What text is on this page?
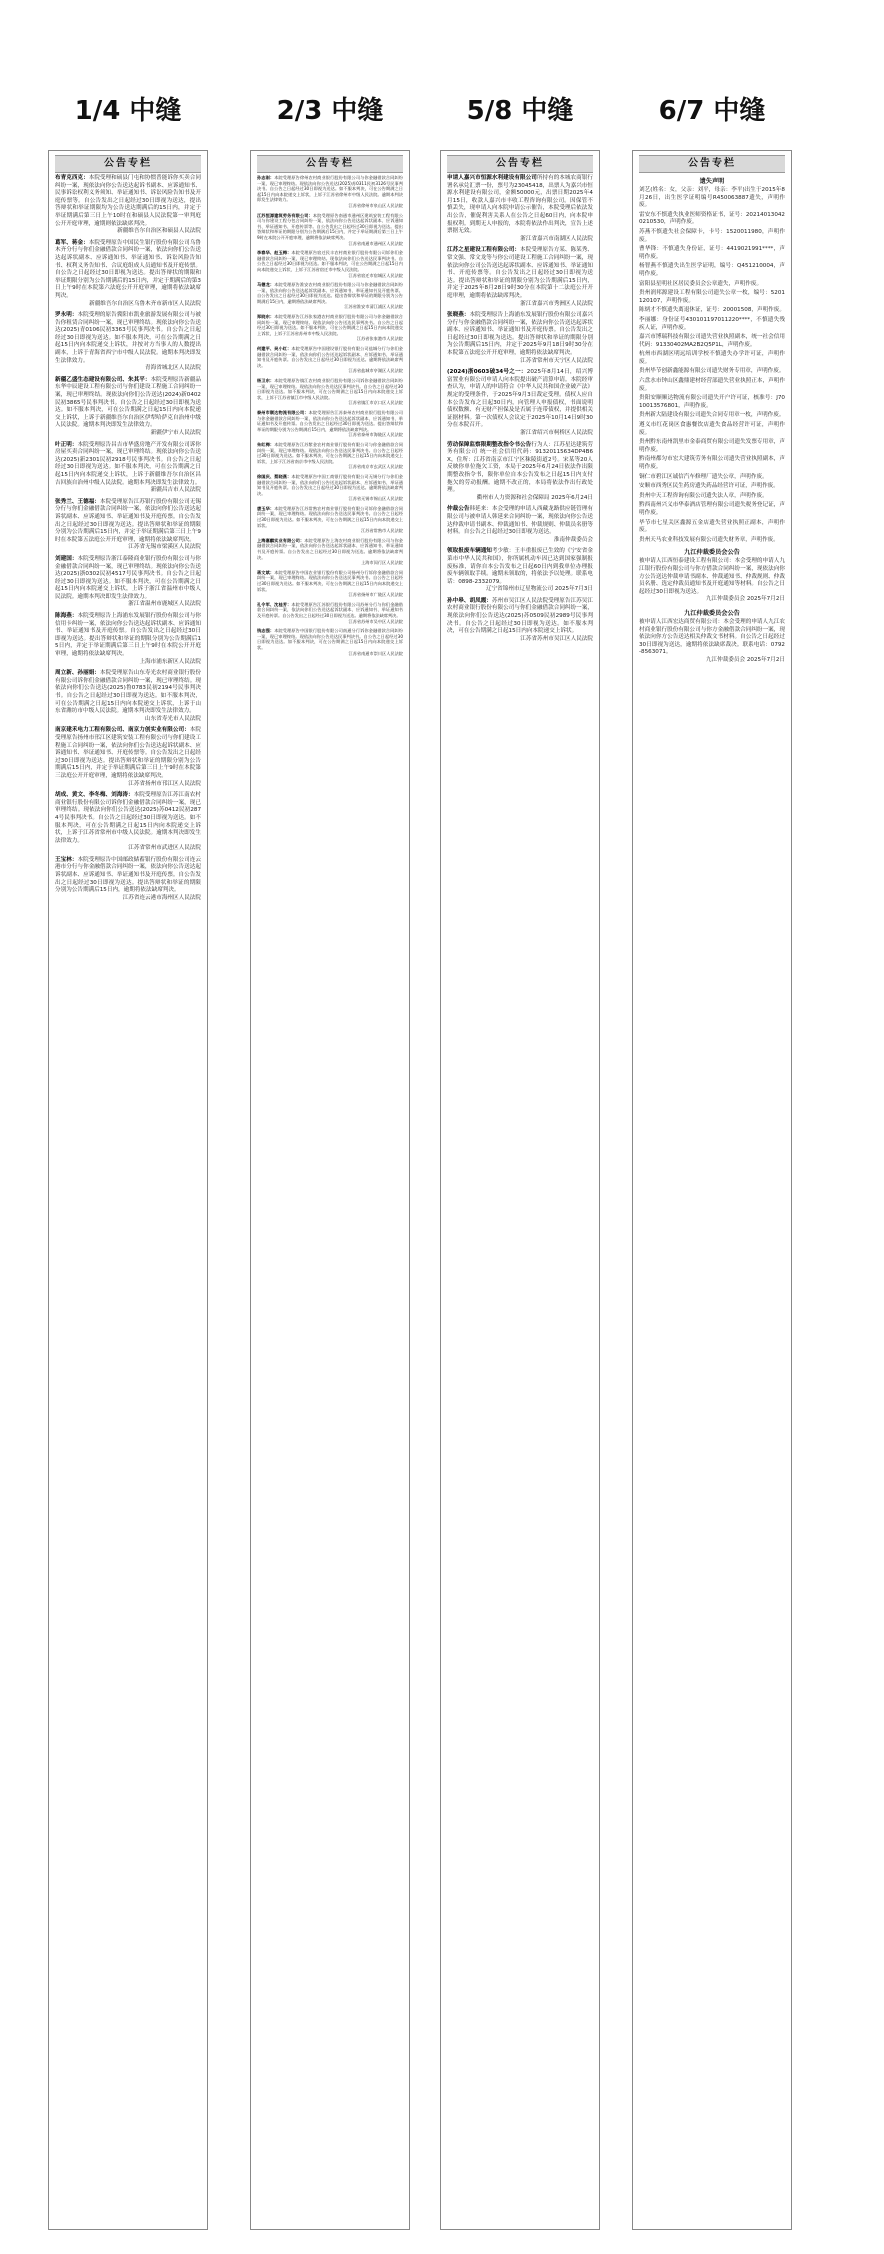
1/4 中缝	2/3 中缝	5/8 中缝	6/7 中缝
公告专栏

布青克西克：本院受理和硕县门屯和协惯普能诉你买卖合同纠纷一案，现依法向你公告送达起诉书副本、应诉通知书、民事诉讼权利义务须知、举证通知书、诉讼风险告知书及开庭传票等。自公告发出之日起经过30日即视为送达，提出答辩状和举证期限均为公告送达期满后的15日内，并定于举证期满后第三日上午10时在和硕县人民法院第一审判庭公开开庭审理，逾期则依法缺席判决。

新疆维吾尔自治区和硕县人民法院

葛军、蒋金：本院受理原告中国民生银行股份有限公司乌鲁木齐分行与你们金融借款合同纠纷一案，依法向你们公告送达起诉状副本、应诉通知书、举证通知书、诉讼风险告知书、权利义务告知书、合议庭组成人员通知书及开庭传票。自公告之日起经过30日即视为送达。提出答辩状的期限和举证期限分别为公告期满后的15日内，并定于期满后的第3日上午9时在本院第六法庭公开开庭审理，逾期将依法缺席判决。

新疆维吾尔自治区乌鲁木齐市新市区人民法院

罗永明：本院受理的原告冀阳市凯业旅游发展有限公司与被告你租赁合同纠纷一案，现已审理终结。现依法向你公告送达(2025)青0106民初3363号民事判决书。自公告之日起经过30日即视为送达。如不服本判决，可在公告期满之日起15日内向本院递交上诉状，并按对方当事人的人数提出副本，上诉于青海省西宁市中级人民法院。逾期本判决即发生法律效力。

青海省城北区人民法院

新疆乙盛生态建设有限公司、朱其平：本院受理原告新疆品东华中辰建设工程有限公司与你们建设工程施工合同纠纷一案，现已审理终结。现依法向你们公告送达(2024)新0402民初3865号民事判决书。自公告之日起经过30日即视为送达。如不服本判决，可在公告期满之日起15日内向本院递交上诉状，上诉于新疆维吾尔自治区伊犁哈萨克自治州中级人民法院。逾期本判决即发生法律效力。

新疆伊宁市人民法院

叶正明：本院受理原告昌吉市华盛房地产开发有限公司诉你房屋买卖合同纠纷一案，现已审理终结。现依法向你公告送达(2025)新2301民初2918号民事判决书。自公告之日起经过30日即视为送达。如不服本判决，可在公告期满之日起15日内向本院递交上诉状，上诉于新疆维吾尔自治区昌吉回族自治州中级人民法院。逾期本判决即发生法律效力。

新疆昌吉市人民法院

张秀兰、王德福：本院受理原告江苏银行股份有限公司无锡分行与你们金融借款合同纠纷一案，依法向你们公告送达起诉状副本、应诉通知书、举证通知书及开庭传票。自公告发出之日起经过30日即视为送达。提出答辩状和举证的期限分别为公告期满后15日内，并定于举证期满后第三日上午9时在本院第五法庭公开开庭审理，逾期将依法缺席判决。

江苏省无锡市梁溪区人民法院

刘建国：本院受理原告浙江泰隆商业银行股份有限公司与你金融借款合同纠纷一案，现已审理终结。现依法向你公告送达(2025)浙0302民初4517号民事判决书。自公告之日起经过30日即视为送达。如不服本判决，可在公告期满之日起15日内向本院递交上诉状，上诉于浙江省温州市中级人民法院。逾期本判决即发生法律效力。

浙江省温州市鹿城区人民法院

陈海燕：本院受理原告上海浦东发展银行股份有限公司与你信用卡纠纷一案，依法向你公告送达起诉状副本、应诉通知书、举证通知书及开庭传票。自公告发出之日起经过30日即视为送达。提出答辩状和举证的期限分别为公告期满后15日内，并定于举证期满后第三日上午9时在本院公开开庭审理，逾期将依法缺席判决。

上海市浦东新区人民法院

周立新、孙丽娟：本院受理原告山东寿光农村商业银行股份有限公司诉你们金融借款合同纠纷一案，现已审理终结。现依法向你们公告送达(2025)鲁0783民初2194号民事判决书。自公告之日起经过30日即视为送达。如不服本判决，可在公告期满之日起15日内向本院递交上诉状，上诉于山东省潍坊市中级人民法院。逾期本判决即发生法律效力。

山东省寿光市人民法院

南京建禾电力工程有限公司、南京力创实业有限公司：本院受理原告扬州市邗江区建筑安装工程有限公司与你们建设工程施工合同纠纷一案，依法向你们公告送达起诉状副本、应诉通知书、举证通知书、开庭传票等。自公告发出之日起经过30日即视为送达。提出答辩状和举证的期限分别为公告期满后15日内，并定于举证期满后第三日上午9时在本院第三法庭公开开庭审理，逾期将依法缺席判决。

江苏省扬州市邗江区人民法院

胡成、黄文、李冬梅、刘海涛：本院受理原告江苏江南农村商业银行股份有限公司诉你们金融借款合同纠纷一案，现已审理终结。现依法向你们公告送达(2025)苏0412民初2874号民事判决书。自公告之日起经过30日即视为送达。如不服本判决，可在公告期满之日起15日内向本院递交上诉状，上诉于江苏省常州市中级人民法院。逾期本判决即发生法律效力。

江苏省常州市武进区人民法院

王宝林：本院受理原告中国邮政储蓄银行股份有限公司连云港市分行与你金融借款合同纠纷一案，依法向你公告送达起诉状副本、应诉通知书、举证通知书及开庭传票。自公告发出之日起经过30日即视为送达。提出答辩状和举证的期限分别为公告期满后15日内，逾期将依法缺席判决。

江苏省连云港市海州区人民法院
公告专栏

孙志刚：本院受理原告徐州农村商业银行股份有限公司与你金融借款合同纠纷一案，现已审理终结。现依法向你公告送达(2025)苏0311民初3126号民事判决书。自公告之日起经过30日即视为送达。如不服本判决，可在公告期满之日起15日内向本院递交上诉状，上诉于江苏省徐州市中级人民法院。逾期本判决即发生法律效力。

江苏省徐州市泉山区人民法院

江苏恒源建筑劳务有限公司：本院受理原告南通市通州区建筑安装工程有限公司与你建设工程分包合同纠纷一案，依法向你公告送达起诉状副本、应诉通知书、举证通知书、开庭传票等。自公告发出之日起经过30日即视为送达。提出答辩状和举证的期限分别为公告期满后15日内，并定于举证期满后第三日上午9时在本院公开开庭审理，逾期将依法缺席判决。

江苏省南通市通州区人民法院

李春华、赵玉梅：本院受理原告宿迁民丰农村商业银行股份有限公司诉你们金融借款合同纠纷一案，现已审理终结。现依法向你们公告送达民事判决书。自公告之日起经过30日即视为送达。如不服本判决，可在公告期满之日起15日内向本院递交上诉状，上诉于江苏省宿迁市中级人民法院。

江苏省宿迁市宿城区人民法院

马德龙：本院受理原告淮安农村商业银行股份有限公司与你金融借款合同纠纷一案，依法向你公告送达起诉状副本、应诉通知书、举证通知书及开庭传票。自公告发出之日起经过30日即视为送达。提出答辩状和举证的期限分别为公告期满后15日内，逾期将依法缺席判决。

江苏省淮安市清江浦区人民法院

郑晓东：本院受理原告江苏张家港农村商业银行股份有限公司与你金融借款合同纠纷一案，现已审理终结。现依法向你公告送达民事判决书。自公告之日起经过30日即视为送达。如不服本判决，可在公告期满之日起15日内向本院递交上诉状，上诉于江苏省苏州市中级人民法院。

江苏省张家港市人民法院

何建平、吴小红：本院受理原告中国建设银行股份有限公司盐城分行与你们金融借款合同纠纷一案，依法向你们公告送达起诉状副本、应诉通知书、举证通知书及开庭传票。自公告发出之日起经过30日即视为送达。逾期将依法缺席判决。

江苏省盐城市亭湖区人民法院

杨卫东：本院受理原告镇江农村商业银行股份有限公司诉你金融借款合同纠纷一案，现已审理终结。现依法向你公告送达民事判决书。自公告之日起经过30日即视为送达。如不服本判决，可在公告期满之日起15日内向本院递交上诉状，上诉于江苏省镇江市中级人民法院。

江苏省镇江市京口区人民法院

泰州市顺达物流有限公司：本院受理原告江苏泰州农村商业银行股份有限公司与你金融借款合同纠纷一案，依法向你公告送达起诉状副本、应诉通知书、举证通知书及开庭传票。自公告发出之日起经过30日即视为送达。提出答辩状和举证的期限分别为公告期满后15日内，逾期将依法缺席判决。

江苏省泰州市海陵区人民法院

朱红梅：本院受理原告江苏紫金农村商业银行股份有限公司与你金融借款合同纠纷一案，现已审理终结。现依法向你公告送达民事判决书。自公告之日起经过30日即视为送达。如不服本判决，可在公告期满之日起15日内向本院递交上诉状，上诉于江苏省南京市中级人民法院。

江苏省南京市玄武区人民法院

徐国庆、蔡晓燕：本院受理原告中国工商银行股份有限公司无锡分行与你们金融借款合同纠纷一案，依法向你们公告送达起诉状副本、应诉通知书、举证通知书及开庭传票。自公告发出之日起经过30日即视为送达。逾期将依法缺席判决。

江苏省无锡市锡山区人民法院

唐玉华：本院受理原告江苏常熟农村商业银行股份有限公司诉你金融借款合同纠纷一案，现已审理终结。现依法向你公告送达民事判决书。自公告之日起经过30日即视为送达。如不服本判决，可在公告期满之日起15日内向本院递交上诉状。

江苏省常熟市人民法院

上海嘉麒实业有限公司：本院受理原告上海农村商业银行股份有限公司与你金融借款合同纠纷一案，依法向你公告送达起诉状副本、应诉通知书、举证通知书及开庭传票。自公告发出之日起经过30日即视为送达。逾期将依法缺席判决。

上海市闵行区人民法院

蒋文斌：本院受理原告中国农业银行股份有限公司扬州分行诉你金融借款合同纠纷一案，现已审理终结。现依法向你公告送达民事判决书。自公告之日起经过30日即视为送达。如不服本判决，可在公告期满之日起15日内向本院递交上诉状。

江苏省扬州市广陵区人民法院

孔令军、沈桂芳：本院受理原告江苏银行股份有限公司苏州分行与你们金融借款合同纠纷一案，依法向你们公告送达起诉状副本、应诉通知书、举证通知书及开庭传票。自公告发出之日起经过30日即视为送达。逾期将依法缺席判决。

江苏省苏州市吴中区人民法院

钱志强：本院受理原告中国银行股份有限公司南通分行诉你金融借款合同纠纷一案，现已审理终结。现依法向你公告送达民事判决书。自公告之日起经过30日即视为送达。如不服本判决，可在公告期满之日起15日内向本院递交上诉状。

江苏省南通市崇川区人民法院
公告专栏

申请人嘉兴市恒源水利建设有限公司所持有的本城农商银行署名承兑汇票一份，票号为23045418，出票人为嘉兴市恒源水利建设有限公司，金额50000元，出票日期2025年4月15日，收款人嘉兴市丰收工程咨询有限公司。因保管不慎丢失，现申请人向本院申请公示催告，本院受理后依法发出公告，催促利害关系人在公告之日起60日内，向本院申报权利。到期无人申报的，本院将依法作出判决，宣告上述票据无效。

浙江省嘉兴市南湖区人民法院

江苏之星建设工程有限公司：本院受理原告方某、陈某秀、常文强、常文龙等与你公司建设工程施工合同纠纷一案，现依法向你公司公告送达起诉状副本、应诉通知书、举证通知书、开庭传票等。自公告发出之日起经过30日即视为送达。提出答辩状和举证的期限分别为公告期满后15日内，并定于2025年8月28日9时30分在本院第十二法庭公开开庭审理，逾期将依法缺席判决。

浙江省嘉兴市秀洲区人民法院

张晓燕：本院受理原告上海浦东发展银行股份有限公司嘉兴分行与你金融借款合同纠纷一案，依法向你公告送达起诉状副本、应诉通知书、举证通知书及开庭传票。自公告发出之日起经过30日即视为送达。提出答辩状和举证的期限分别为公告期满后15日内，并定于2025年9月18日9时30分在本院第五法庭公开开庭审理，逾期将依法缺席判决。

江苏省常州市天宁区人民法院

(2024)浙0603破34号之一：2025年8月14日，绍兴博富置业有限公司申请人向本院提出破产清算申请。本院经审查认为，申请人的申请符合《中华人民共和国企业破产法》规定的受理条件，于2025年9月3日裁定受理。债权人应自本公告发布之日起30日内，向管理人申报债权，书面说明债权数额、有无财产担保及是否属于连带债权，并提供相关证据材料。第一次债权人会议定于2025年10月14日9时30分在本院召开。

浙江省绍兴市柯桥区人民法院

劳动保障监察限期整改指令书公告行为人：江苏星达建筑劳务有限公司 统一社会信用代码：91320115634DP4B6X，住所：江苏省南京市江宁区秣陵街道2号。宋某等20人反映你单位拖欠工资，本局于2025年6月24日依法作出限期整改指令书，限你单位自本公告发布之日起15日内支付拖欠的劳动报酬。逾期不改正的，本局将依法作出行政处理。

衢州市人力资源和社会保障局 2025年6月24日

仲裁公告韩延来：本会受理的申请人西藏龙路供应链管理有限公司与被申请人韩延来合同纠纷一案，现依法向你公告送达仲裁申请书副本、仲裁通知书、仲裁规则、仲裁员名册等材料。自公告之日起经过30日即视为送达。

淮南仲裁委员会

领取报废车辆通知考少敏：王丰重报废已生效的《宁安省金菜市中华人民共和国》，你所属机动车因已达到国家强制报废标准，请你自本公告发布之日起60日内到我单位办理报废车辆领取手续。逾期未领取的，将依法予以处理。联系电话：0898-2332079。

辽宁省锦州市辽星物流公司 2025年7月3日

孙中皋、胡凤霞：苏州市吴江区人民法院受理原告江苏吴江农村商业银行股份有限公司与你们金融借款合同纠纷一案，现依法向你们公告送达(2025)苏0509民初2989号民事判决书。自公告之日起经过30日即视为送达。如不服本判决，可在公告期满之日起15日内向本院递交上诉状。

江苏省苏州市吴江区人民法院
公告专栏
遗失声明

刘艺(姓名：女，父亲：刘平，母亲：李平)出生于2015年8月26日，出生医学证明编号R450063887遗失，声明作废。

雷安东不慎遗失执业医师资格证书，证号：202140130420210530，声明作废。

苏燕不慎遗失社会保障卡，卡号：1520011980，声明作废。

曹华锋：不慎遗失身份证，证号：4419021991****，声明作废。

杨智燕不慎遗失出生医学证明，编号：Q451210004，声明作废。

富阳县星明社区居民委员会公章遗失，声明作废。

贵州润邦源建设工程有限公司遗失公章一枚，编号：5201120107，声明作废。

陈炳才不慎遗失离退休证，证号：20001508，声明作废。

李丽娜：身份证号430101197011220****，不慎遗失残疾人证，声明作废。

嘉兴市博瑞科技有限公司遗失营业执照副本，统一社会信用代码：91330402MA2B2Q5P1L，声明作废。

杭州市西湖区明远培训学校不慎遗失办学许可证，声明作废。

贵州毕节创新鑫能源有限公司遗失财务专用章，声明作废。

六盘水市钟山区鑫鼎建材经营部遗失营业执照正本，声明作废。

贵阳安顺顺达物流有限公司遗失开户许可证，核准号：J7010013576801，声明作废。

贵州新大陆建设有限公司遗失合同专用章一枚，声明作废。

遵义市红花岗区食惠餐饮店遗失食品经营许可证，声明作废。

贵州黔东南州凯里市金泰商贸有限公司遗失发票专用章，声明作废。

黔南州都匀市宏大建筑劳务有限公司遗失营业执照副本，声明作废。

铜仁市碧江区诚信汽车修理厂遗失公章，声明作废。

安顺市西秀区民生药房遗失药品经营许可证，声明作废。

贵州中天工程咨询有限公司遗失法人章，声明作废。

黔西南州兴义市华泰酒店管理有限公司遗失税务登记证，声明作废。

毕节市七星关区鑫源五金店遗失营业执照正副本，声明作废。

贵州天马农业科技发展有限公司遗失财务章，声明作废。

九江仲裁委员会公告

被申请人江西恒泰建设工程有限公司：本会受理的申请人九江银行股份有限公司与你方借款合同纠纷一案，现依法向你方公告送达仲裁申请书副本、仲裁通知书、仲裁规则、仲裁员名册、选定仲裁员通知书及开庭通知等材料。自公告之日起经过30日即视为送达。

九江仲裁委员会 2025年7月2日
九江仲裁委员会公告

被申请人江西宏达商贸有限公司：本会受理的申请人九江农村商业银行股份有限公司与你方金融借款合同纠纷一案，现依法向你方公告送达相关仲裁文书材料。自公告之日起经过30日即视为送达，逾期将依法缺席裁决。联系电话：0792-8563071。

九江仲裁委员会 2025年7月2日
